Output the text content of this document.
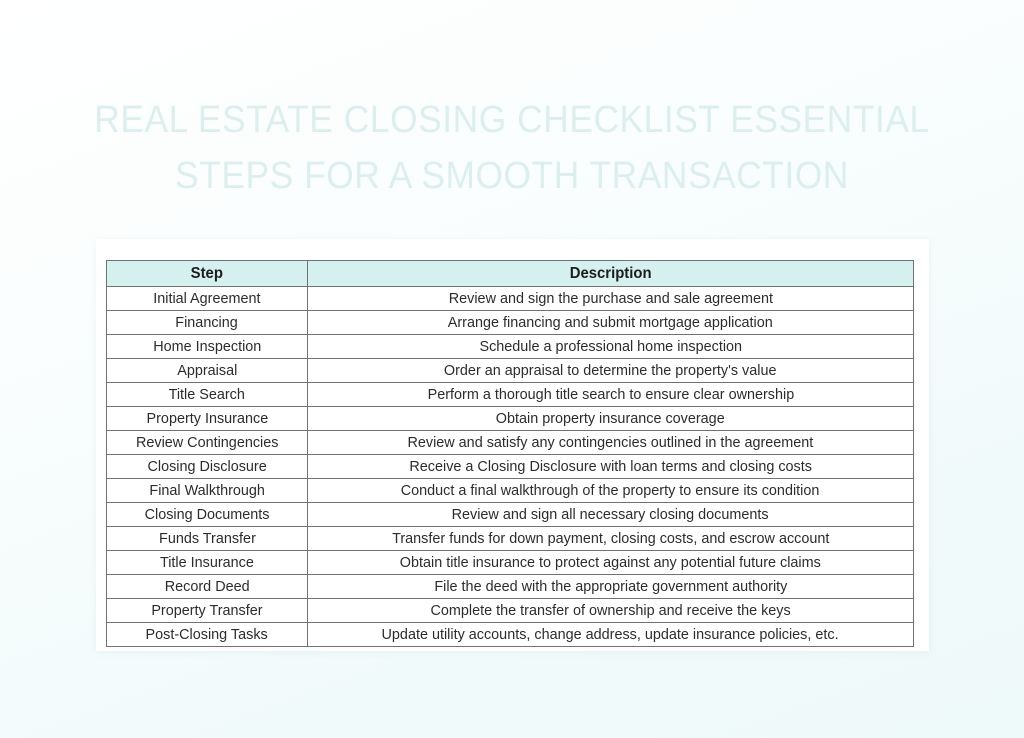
REAL ESTATE CLOSING CHECKLIST ESSENTIAL
STEPS FOR A SMOOTH TRANSACTION
Step	Description
Initial Agreement	Review and sign the purchase and sale agreement
Financing	Arrange financing and submit mortgage application
Home Inspection	Schedule a professional home inspection
Appraisal	Order an appraisal to determine the property's value
Title Search	Perform a thorough title search to ensure clear ownership
Property Insurance	Obtain property insurance coverage
Review Contingencies	Review and satisfy any contingencies outlined in the agreement
Closing Disclosure	Receive a Closing Disclosure with loan terms and closing costs
Final Walkthrough	Conduct a final walkthrough of the property to ensure its condition
Closing Documents	Review and sign all necessary closing documents
Funds Transfer	Transfer funds for down payment, closing costs, and escrow account
Title Insurance	Obtain title insurance to protect against any potential future claims
Record Deed	File the deed with the appropriate government authority
Property Transfer	Complete the transfer of ownership and receive the keys
Post-Closing Tasks	Update utility accounts, change address, update insurance policies, etc.
